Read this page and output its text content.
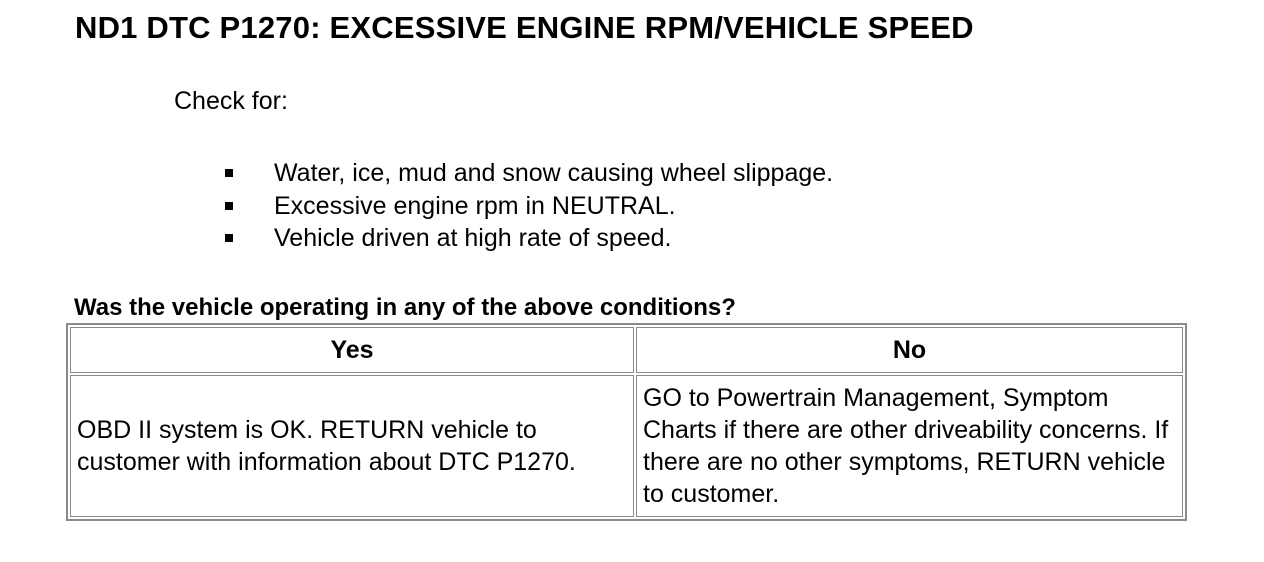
ND1 DTC P1270: EXCESSIVE ENGINE RPM/VEHICLE SPEED
Check for:
Water, ice, mud and snow causing wheel slippage.
Excessive engine rpm in NEUTRAL.
Vehicle driven at high rate of speed.
Was the vehicle operating in any of the above conditions?
Yes	No
OBD II system is OK. RETURN vehicle to customer with information about DTC P1270.	GO to Powertrain Management, Symptom Charts if there are other driveability concerns. If there are no other symptoms, RETURN vehicle to customer.
